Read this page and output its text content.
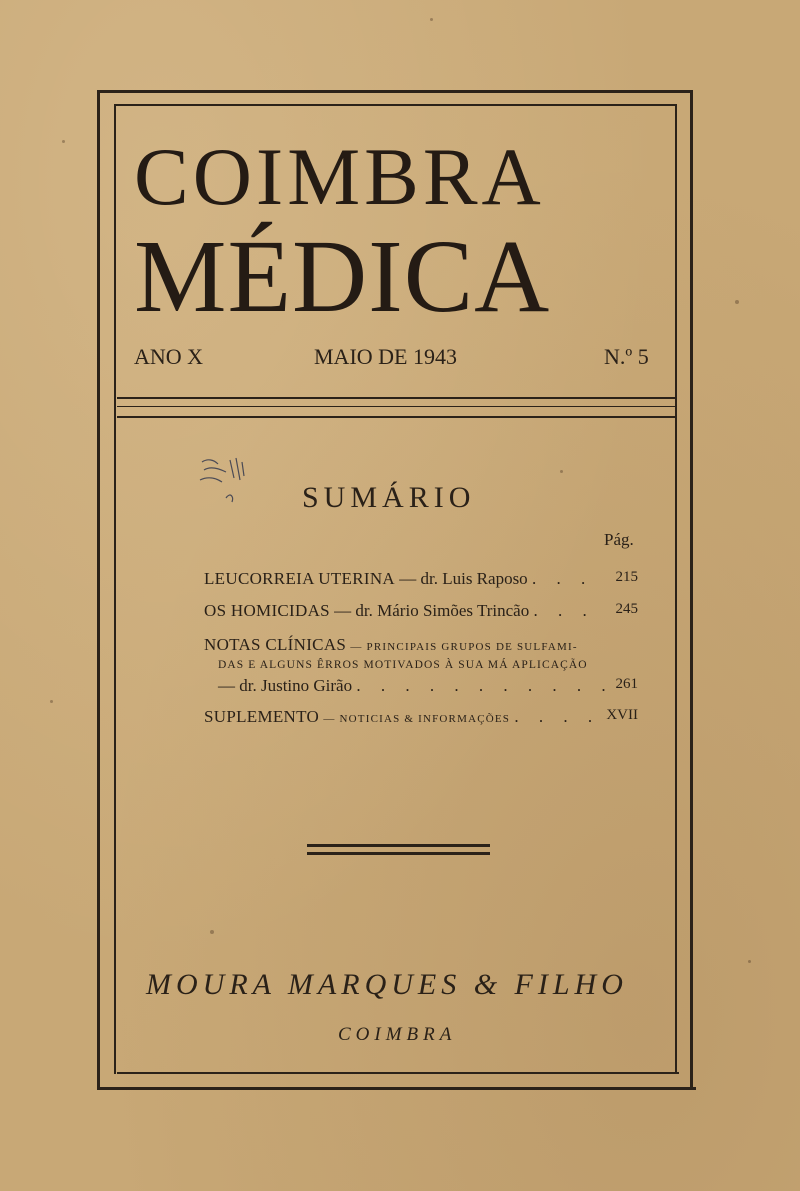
COIMBRA
MÉDICA
ANO X	MAIO DE 1943	N.º 5
SUMÁRIO
Pág.
LEUCORREIA UTERINA — dr. Luis Raposo . . . 215
OS HOMICIDAS — dr. Mário Simões Trincão . . . 245
NOTAS CLÍNICAS — PRINCIPAIS GRUPOS DE SULFAMI-
DAS E ALGUNS ÊRROS MOTIVADOS À SUA MÁ APLICAÇÃO
— dr. Justino Girão . . . . . . . . . . . 261
SUPLEMENTO — NOTICIAS & INFORMAÇÕES . . . . XVII
MOURA MARQUES & FILHO
COIMBRA
